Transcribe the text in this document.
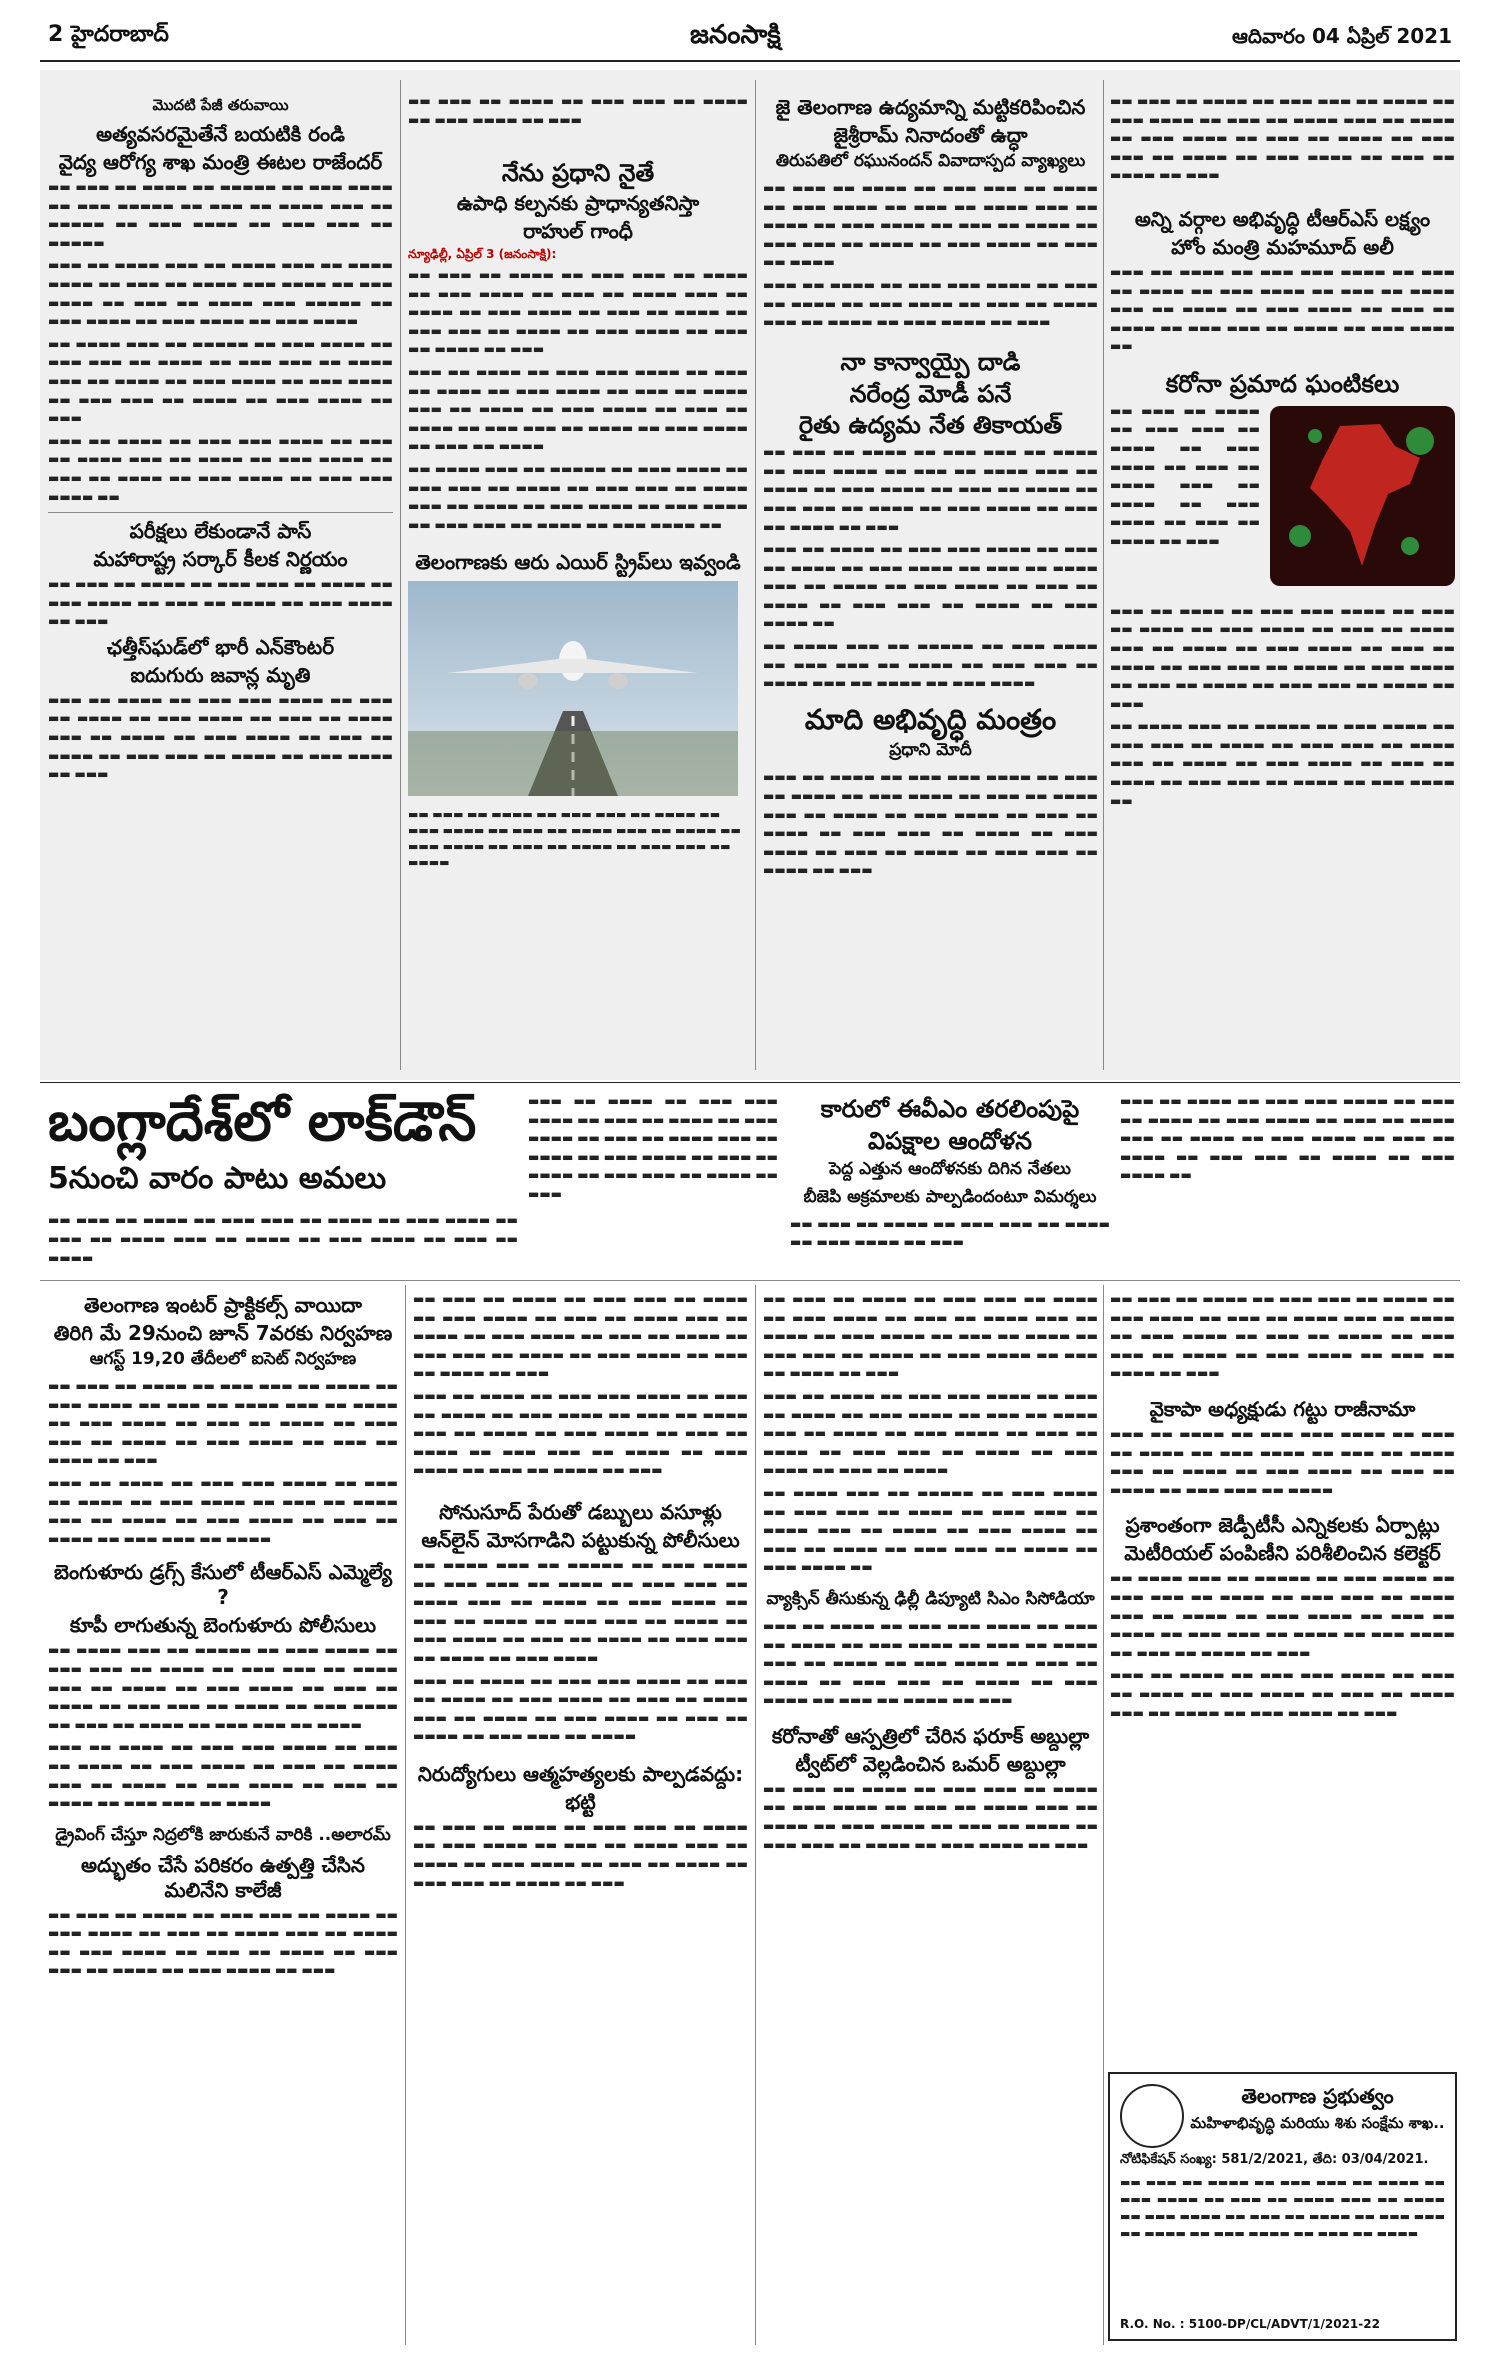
2 హైదరాబాద్	జనంసాక్షి	ఆదివారం 04 ఏప్రిల్ 2021
మొదటి పేజీ తరువాయి
అత్యవసరమైతేనే బయటికి రండి
వైద్య ఆరోగ్య శాఖ మంత్రి ఈటల రాజేందర్

▬▬ ▬▬▬ ▬▬ ▬▬▬▬ ▬▬ ▬▬▬▬▬ ▬▬ ▬▬▬ ▬▬▬▬ ▬▬ ▬▬▬ ▬▬▬▬▬ ▬▬ ▬▬▬ ▬▬ ▬▬▬▬ ▬▬▬ ▬▬ ▬▬▬▬▬ ▬▬ ▬▬▬ ▬▬▬▬ ▬▬ ▬▬▬ ▬▬▬ ▬▬ ▬▬▬▬▬

▬▬▬ ▬▬ ▬▬▬▬ ▬▬▬ ▬▬ ▬▬▬▬ ▬▬▬ ▬▬ ▬▬▬▬ ▬▬▬▬ ▬▬ ▬▬▬ ▬▬ ▬▬▬▬ ▬▬▬ ▬▬▬▬ ▬▬ ▬▬▬ ▬▬▬▬ ▬▬ ▬▬▬ ▬▬ ▬▬▬▬ ▬▬▬ ▬▬▬▬▬ ▬▬ ▬▬▬ ▬▬▬▬ ▬▬ ▬▬▬ ▬▬▬▬ ▬▬ ▬▬▬ ▬▬▬▬

▬▬ ▬▬▬▬ ▬▬▬ ▬▬ ▬▬▬▬▬ ▬▬ ▬▬▬ ▬▬▬▬ ▬▬ ▬▬▬ ▬▬▬ ▬▬ ▬▬▬▬ ▬▬ ▬▬▬ ▬▬▬ ▬▬ ▬▬▬▬ ▬▬▬ ▬▬ ▬▬▬▬ ▬▬ ▬▬▬ ▬▬▬▬ ▬▬ ▬▬▬ ▬▬▬▬ ▬▬ ▬▬▬ ▬▬▬ ▬▬ ▬▬▬▬ ▬▬ ▬▬▬ ▬▬▬▬ ▬▬ ▬▬▬

▬▬▬ ▬▬ ▬▬▬▬ ▬▬ ▬▬▬ ▬▬▬ ▬▬▬▬ ▬▬ ▬▬▬ ▬▬ ▬▬▬▬ ▬▬▬ ▬▬ ▬▬▬▬ ▬▬ ▬▬▬ ▬▬▬▬ ▬▬ ▬▬▬ ▬▬ ▬▬▬▬ ▬▬ ▬▬▬ ▬▬▬▬ ▬▬ ▬▬▬ ▬▬▬ ▬▬▬▬ ▬▬

పరీక్షలు లేకుండానే పాస్
మహారాష్ట్ర సర్కార్ కీలక నిర్ణయం

▬▬ ▬▬▬ ▬▬ ▬▬▬▬ ▬▬ ▬▬▬ ▬▬▬ ▬▬ ▬▬▬▬ ▬▬ ▬▬▬ ▬▬▬▬ ▬▬ ▬▬▬ ▬▬ ▬▬▬▬ ▬▬ ▬▬▬ ▬▬▬▬ ▬▬ ▬▬▬

ఛత్తీస్‌ఘడ్‌లో భారీ ఎన్‌కౌంటర్
ఐదుగురు జవాన్ల మృతి

▬▬▬ ▬▬ ▬▬▬▬ ▬▬ ▬▬▬ ▬▬▬ ▬▬▬▬ ▬▬ ▬▬▬ ▬▬ ▬▬▬▬ ▬▬ ▬▬▬ ▬▬▬▬ ▬▬ ▬▬▬ ▬▬ ▬▬▬▬ ▬▬▬ ▬▬ ▬▬▬▬ ▬▬ ▬▬▬ ▬▬▬▬ ▬▬ ▬▬▬ ▬▬ ▬▬▬▬ ▬▬ ▬▬▬ ▬▬▬ ▬▬ ▬▬▬▬ ▬▬ ▬▬▬ ▬▬▬▬ ▬▬ ▬▬▬

▬▬ ▬▬▬ ▬▬ ▬▬▬▬ ▬▬ ▬▬▬ ▬▬▬ ▬▬ ▬▬▬▬ ▬▬ ▬▬▬ ▬▬▬▬ ▬▬ ▬▬▬

నేను ప్రధాని నైతే
ఉపాధి కల్పనకు ప్రాధాన్యతనిస్తా
రాహుల్ గాంధీ
న్యూఢిల్లీ, ఏప్రిల్ 3 (జనంసాక్షి):

▬▬ ▬▬▬ ▬▬ ▬▬▬▬ ▬▬ ▬▬▬ ▬▬▬ ▬▬ ▬▬▬▬ ▬▬ ▬▬▬ ▬▬▬▬ ▬▬ ▬▬▬ ▬▬ ▬▬▬▬ ▬▬▬ ▬▬ ▬▬▬▬ ▬▬ ▬▬▬ ▬▬▬▬ ▬▬ ▬▬▬ ▬▬ ▬▬▬▬ ▬▬ ▬▬▬ ▬▬▬ ▬▬ ▬▬▬▬ ▬▬ ▬▬▬ ▬▬▬▬ ▬▬ ▬▬▬ ▬▬ ▬▬▬▬ ▬▬ ▬▬▬

▬▬▬ ▬▬ ▬▬▬▬ ▬▬ ▬▬▬ ▬▬▬ ▬▬▬▬ ▬▬ ▬▬▬ ▬▬ ▬▬▬▬ ▬▬ ▬▬▬ ▬▬▬▬ ▬▬ ▬▬▬ ▬▬ ▬▬▬▬ ▬▬▬ ▬▬ ▬▬▬▬ ▬▬ ▬▬▬ ▬▬▬▬ ▬▬ ▬▬▬ ▬▬ ▬▬▬▬ ▬▬ ▬▬▬ ▬▬▬ ▬▬ ▬▬▬▬ ▬▬ ▬▬▬ ▬▬▬▬ ▬▬ ▬▬▬ ▬▬ ▬▬▬▬

▬▬ ▬▬▬▬ ▬▬▬ ▬▬ ▬▬▬▬▬ ▬▬ ▬▬▬ ▬▬▬▬ ▬▬ ▬▬▬ ▬▬▬ ▬▬ ▬▬▬▬ ▬▬ ▬▬▬ ▬▬▬ ▬▬ ▬▬▬▬ ▬▬▬ ▬▬ ▬▬▬▬ ▬▬ ▬▬▬ ▬▬▬▬ ▬▬ ▬▬▬ ▬▬▬▬ ▬▬ ▬▬▬ ▬▬▬ ▬▬ ▬▬▬▬ ▬▬ ▬▬▬ ▬▬▬▬ ▬▬

తెలంగాణకు ఆరు ఎయిర్ స్ట్రిప్‌లు ఇవ్వండి

▬▬ ▬▬▬ ▬▬ ▬▬▬▬ ▬▬ ▬▬▬ ▬▬▬ ▬▬ ▬▬▬▬ ▬▬ ▬▬▬ ▬▬▬▬ ▬▬ ▬▬▬ ▬▬ ▬▬▬▬ ▬▬▬ ▬▬ ▬▬▬▬ ▬▬ ▬▬▬ ▬▬▬▬ ▬▬ ▬▬▬ ▬▬ ▬▬▬▬ ▬▬ ▬▬▬ ▬▬▬ ▬▬ ▬▬▬▬

జై తెలంగాణ ఉద్యమాన్ని మట్టికరిపించిన
జైశ్రీరామ్ నినాదంతో ఉద్ధా
తిరుపతిలో రఘునందన్ వివాదాస్పద వ్యాఖ్యలు

▬▬ ▬▬▬ ▬▬ ▬▬▬▬ ▬▬ ▬▬▬ ▬▬▬ ▬▬ ▬▬▬▬ ▬▬ ▬▬▬ ▬▬▬▬ ▬▬ ▬▬▬ ▬▬ ▬▬▬▬ ▬▬▬ ▬▬ ▬▬▬▬ ▬▬ ▬▬▬ ▬▬▬▬ ▬▬ ▬▬▬ ▬▬ ▬▬▬▬ ▬▬ ▬▬▬ ▬▬▬ ▬▬ ▬▬▬▬ ▬▬ ▬▬▬ ▬▬▬▬ ▬▬ ▬▬▬ ▬▬ ▬▬▬▬

▬▬▬ ▬▬ ▬▬▬▬ ▬▬ ▬▬▬ ▬▬▬ ▬▬▬▬ ▬▬ ▬▬▬ ▬▬ ▬▬▬▬ ▬▬ ▬▬▬ ▬▬▬▬ ▬▬ ▬▬▬ ▬▬ ▬▬▬▬ ▬▬▬ ▬▬ ▬▬▬▬ ▬▬ ▬▬▬ ▬▬▬▬ ▬▬ ▬▬▬

నా కాన్వాయ్పై దాడి
నరేంద్ర మోడీ పనే
రైతు ఉద్యమ నేత తికాయత్

▬▬ ▬▬▬ ▬▬ ▬▬▬▬ ▬▬ ▬▬▬ ▬▬▬ ▬▬ ▬▬▬▬ ▬▬ ▬▬▬ ▬▬▬▬ ▬▬ ▬▬▬ ▬▬ ▬▬▬▬ ▬▬▬ ▬▬ ▬▬▬▬ ▬▬ ▬▬▬ ▬▬▬▬ ▬▬ ▬▬▬ ▬▬ ▬▬▬▬ ▬▬ ▬▬▬ ▬▬▬ ▬▬ ▬▬▬▬ ▬▬ ▬▬▬ ▬▬▬▬ ▬▬ ▬▬▬ ▬▬ ▬▬▬▬ ▬▬ ▬▬▬

▬▬▬ ▬▬ ▬▬▬▬ ▬▬ ▬▬▬ ▬▬▬ ▬▬▬▬ ▬▬ ▬▬▬ ▬▬ ▬▬▬▬ ▬▬ ▬▬▬ ▬▬▬▬ ▬▬ ▬▬▬ ▬▬ ▬▬▬▬ ▬▬▬ ▬▬ ▬▬▬▬ ▬▬ ▬▬▬ ▬▬▬▬ ▬▬ ▬▬▬ ▬▬ ▬▬▬▬ ▬▬ ▬▬▬ ▬▬▬ ▬▬ ▬▬▬▬ ▬▬ ▬▬▬ ▬▬▬▬ ▬▬

▬▬ ▬▬▬▬ ▬▬▬ ▬▬ ▬▬▬▬▬ ▬▬ ▬▬▬ ▬▬▬▬ ▬▬ ▬▬▬ ▬▬▬ ▬▬ ▬▬▬▬ ▬▬ ▬▬▬ ▬▬▬ ▬▬ ▬▬▬▬ ▬▬▬ ▬▬ ▬▬▬▬ ▬▬ ▬▬▬ ▬▬▬▬

మాది అభివృద్ధి మంత్రం
ప్రధాని మోదీ

▬▬▬ ▬▬ ▬▬▬▬ ▬▬ ▬▬▬ ▬▬▬ ▬▬▬▬ ▬▬ ▬▬▬ ▬▬ ▬▬▬▬ ▬▬ ▬▬▬ ▬▬▬▬ ▬▬ ▬▬▬ ▬▬ ▬▬▬▬ ▬▬▬ ▬▬ ▬▬▬▬ ▬▬ ▬▬▬ ▬▬▬▬ ▬▬ ▬▬▬ ▬▬ ▬▬▬▬ ▬▬ ▬▬▬ ▬▬▬ ▬▬ ▬▬▬▬ ▬▬ ▬▬▬ ▬▬▬▬ ▬▬ ▬▬▬ ▬▬ ▬▬▬▬ ▬▬ ▬▬▬ ▬▬▬ ▬▬ ▬▬▬▬ ▬▬ ▬▬▬

▬▬ ▬▬▬ ▬▬ ▬▬▬▬ ▬▬ ▬▬▬ ▬▬▬ ▬▬ ▬▬▬▬ ▬▬ ▬▬▬ ▬▬▬▬ ▬▬ ▬▬▬ ▬▬ ▬▬▬▬ ▬▬▬ ▬▬ ▬▬▬▬ ▬▬ ▬▬▬ ▬▬▬▬ ▬▬ ▬▬▬ ▬▬ ▬▬▬▬ ▬▬ ▬▬▬ ▬▬▬ ▬▬ ▬▬▬▬ ▬▬ ▬▬▬ ▬▬▬▬ ▬▬ ▬▬▬ ▬▬ ▬▬▬▬ ▬▬ ▬▬▬

అన్ని వర్గాల అభివృద్ధి టీఆర్‌ఎస్ లక్ష్యం
హోం మంత్రి మహమూద్ అలీ

▬▬▬ ▬▬ ▬▬▬▬ ▬▬ ▬▬▬ ▬▬▬ ▬▬▬▬ ▬▬ ▬▬▬ ▬▬ ▬▬▬▬ ▬▬ ▬▬▬ ▬▬▬▬ ▬▬ ▬▬▬ ▬▬ ▬▬▬▬ ▬▬▬ ▬▬ ▬▬▬▬ ▬▬ ▬▬▬ ▬▬▬▬ ▬▬ ▬▬▬ ▬▬ ▬▬▬▬ ▬▬ ▬▬▬ ▬▬▬ ▬▬ ▬▬▬▬ ▬▬ ▬▬▬ ▬▬▬▬ ▬▬

కరోనా ప్రమాద ఘంటికలు

▬▬ ▬▬▬ ▬▬ ▬▬▬▬ ▬▬ ▬▬▬ ▬▬▬ ▬▬ ▬▬▬▬ ▬▬ ▬▬▬ ▬▬▬▬ ▬▬ ▬▬▬ ▬▬ ▬▬▬▬ ▬▬▬ ▬▬ ▬▬▬▬ ▬▬ ▬▬▬ ▬▬▬▬ ▬▬ ▬▬▬ ▬▬ ▬▬▬▬ ▬▬ ▬▬▬

▬▬▬ ▬▬ ▬▬▬▬ ▬▬ ▬▬▬ ▬▬▬ ▬▬▬▬ ▬▬ ▬▬▬ ▬▬ ▬▬▬▬ ▬▬ ▬▬▬ ▬▬▬▬ ▬▬ ▬▬▬ ▬▬ ▬▬▬▬ ▬▬▬ ▬▬ ▬▬▬▬ ▬▬ ▬▬▬ ▬▬▬▬ ▬▬ ▬▬▬ ▬▬ ▬▬▬▬ ▬▬ ▬▬▬ ▬▬▬ ▬▬ ▬▬▬▬ ▬▬ ▬▬▬ ▬▬▬▬ ▬▬ ▬▬▬ ▬▬ ▬▬▬▬ ▬▬ ▬▬▬ ▬▬▬ ▬▬ ▬▬▬▬ ▬▬ ▬▬▬

▬▬ ▬▬▬▬ ▬▬▬ ▬▬ ▬▬▬▬▬ ▬▬ ▬▬▬ ▬▬▬▬ ▬▬ ▬▬▬ ▬▬▬ ▬▬ ▬▬▬▬ ▬▬ ▬▬▬ ▬▬▬ ▬▬ ▬▬▬▬ ▬▬▬ ▬▬ ▬▬▬▬ ▬▬ ▬▬▬ ▬▬▬▬ ▬▬ ▬▬▬ ▬▬ ▬▬▬▬ ▬▬ ▬▬▬ ▬▬▬ ▬▬ ▬▬▬▬ ▬▬ ▬▬▬ ▬▬▬▬ ▬▬

బంగ్లాదేశ్‌లో లాక్‌డౌన్
5నుంచి వారం పాటు అమలు

▬▬ ▬▬▬ ▬▬ ▬▬▬▬ ▬▬ ▬▬▬ ▬▬▬ ▬▬ ▬▬▬▬ ▬▬ ▬▬▬ ▬▬▬▬ ▬▬ ▬▬▬ ▬▬ ▬▬▬▬ ▬▬▬ ▬▬ ▬▬▬▬ ▬▬ ▬▬▬ ▬▬▬▬ ▬▬ ▬▬▬ ▬▬ ▬▬▬▬

▬▬▬ ▬▬ ▬▬▬▬ ▬▬ ▬▬▬ ▬▬▬ ▬▬▬▬ ▬▬ ▬▬▬ ▬▬ ▬▬▬▬ ▬▬ ▬▬▬ ▬▬▬▬ ▬▬ ▬▬▬ ▬▬ ▬▬▬▬ ▬▬▬ ▬▬ ▬▬▬▬ ▬▬ ▬▬▬ ▬▬▬▬ ▬▬ ▬▬▬ ▬▬ ▬▬▬▬ ▬▬ ▬▬▬ ▬▬▬ ▬▬ ▬▬▬▬ ▬▬ ▬▬▬

కారులో ఈవీఎం తరలింపుపై
విపక్షాల ఆందోళన
పెద్ద ఎత్తున ఆందోళనకు దిగిన నేతలు
బీజెపి అక్రమాలకు పాల్పడిందంటూ విమర్శలు

▬▬ ▬▬▬ ▬▬ ▬▬▬▬ ▬▬ ▬▬▬ ▬▬▬ ▬▬ ▬▬▬▬ ▬▬ ▬▬▬ ▬▬▬▬ ▬▬ ▬▬▬

▬▬▬ ▬▬ ▬▬▬▬ ▬▬ ▬▬▬ ▬▬▬ ▬▬▬▬ ▬▬ ▬▬▬ ▬▬ ▬▬▬▬ ▬▬ ▬▬▬ ▬▬▬▬ ▬▬ ▬▬▬ ▬▬ ▬▬▬▬ ▬▬▬ ▬▬ ▬▬▬▬ ▬▬ ▬▬▬ ▬▬▬▬ ▬▬ ▬▬▬ ▬▬ ▬▬▬▬ ▬▬ ▬▬▬ ▬▬▬ ▬▬ ▬▬▬▬ ▬▬ ▬▬▬ ▬▬▬▬ ▬▬

తెలంగాణ ఇంటర్ ప్రాక్టికల్స్ వాయిదా
తిరిగి మే 29నుంచి జూన్ 7వరకు నిర్వహణ
ఆగస్ట్ 19,20 తేదీలలో ఐసెట్ నిర్వహణ

▬▬ ▬▬▬ ▬▬ ▬▬▬▬ ▬▬ ▬▬▬ ▬▬▬ ▬▬ ▬▬▬▬ ▬▬ ▬▬▬ ▬▬▬▬ ▬▬ ▬▬▬ ▬▬ ▬▬▬▬ ▬▬▬ ▬▬ ▬▬▬▬ ▬▬ ▬▬▬ ▬▬▬▬ ▬▬ ▬▬▬ ▬▬ ▬▬▬▬ ▬▬ ▬▬▬ ▬▬▬ ▬▬ ▬▬▬▬ ▬▬ ▬▬▬ ▬▬▬▬ ▬▬ ▬▬▬ ▬▬ ▬▬▬▬ ▬▬ ▬▬▬

▬▬▬ ▬▬ ▬▬▬▬ ▬▬ ▬▬▬ ▬▬▬ ▬▬▬▬ ▬▬ ▬▬▬ ▬▬ ▬▬▬▬ ▬▬ ▬▬▬ ▬▬▬▬ ▬▬ ▬▬▬ ▬▬ ▬▬▬▬ ▬▬▬ ▬▬ ▬▬▬▬ ▬▬ ▬▬▬ ▬▬▬▬ ▬▬ ▬▬▬ ▬▬ ▬▬▬▬ ▬▬ ▬▬▬ ▬▬▬ ▬▬ ▬▬▬▬

బెంగుళూరు డ్రగ్స్ కేసులో టీఆర్‌ఎస్ ఎమ్మెల్యే ?
కూపీ లాగుతున్న బెంగుళూరు పోలీసులు

▬▬ ▬▬▬▬ ▬▬▬ ▬▬ ▬▬▬▬▬ ▬▬ ▬▬▬ ▬▬▬▬ ▬▬ ▬▬▬ ▬▬▬ ▬▬ ▬▬▬▬ ▬▬ ▬▬▬ ▬▬▬ ▬▬ ▬▬▬▬ ▬▬▬ ▬▬ ▬▬▬▬ ▬▬ ▬▬▬ ▬▬▬▬ ▬▬ ▬▬▬ ▬▬ ▬▬▬▬ ▬▬ ▬▬▬ ▬▬▬ ▬▬ ▬▬▬▬ ▬▬ ▬▬▬ ▬▬▬▬ ▬▬ ▬▬▬ ▬▬ ▬▬▬▬ ▬▬ ▬▬▬ ▬▬▬ ▬▬ ▬▬▬▬

▬▬▬ ▬▬ ▬▬▬▬ ▬▬ ▬▬▬ ▬▬▬ ▬▬▬▬ ▬▬ ▬▬▬ ▬▬ ▬▬▬▬ ▬▬ ▬▬▬ ▬▬▬▬ ▬▬ ▬▬▬ ▬▬ ▬▬▬▬ ▬▬▬ ▬▬ ▬▬▬▬ ▬▬ ▬▬▬ ▬▬▬▬ ▬▬ ▬▬▬ ▬▬ ▬▬▬▬ ▬▬ ▬▬▬ ▬▬▬ ▬▬ ▬▬▬▬

డ్రైవింగ్ చేస్తూ నిద్రలోకి జారుకునే వారికి ..అలారమ్
అద్భుతం చేసే పరికరం ఉత్పత్తి చేసిన మలినేని కాలేజీ

▬▬ ▬▬▬ ▬▬ ▬▬▬▬ ▬▬ ▬▬▬ ▬▬▬ ▬▬ ▬▬▬▬ ▬▬ ▬▬▬ ▬▬▬▬ ▬▬ ▬▬▬ ▬▬ ▬▬▬▬ ▬▬▬ ▬▬ ▬▬▬▬ ▬▬ ▬▬▬ ▬▬▬▬ ▬▬ ▬▬▬ ▬▬ ▬▬▬▬ ▬▬ ▬▬▬ ▬▬▬ ▬▬ ▬▬▬▬ ▬▬ ▬▬▬ ▬▬▬▬ ▬▬ ▬▬▬

▬▬ ▬▬▬ ▬▬ ▬▬▬▬ ▬▬ ▬▬▬ ▬▬▬ ▬▬ ▬▬▬▬ ▬▬ ▬▬▬ ▬▬▬▬ ▬▬ ▬▬▬ ▬▬ ▬▬▬▬ ▬▬▬ ▬▬ ▬▬▬▬ ▬▬ ▬▬▬ ▬▬▬▬ ▬▬ ▬▬▬ ▬▬ ▬▬▬▬ ▬▬ ▬▬▬ ▬▬▬ ▬▬ ▬▬▬▬ ▬▬ ▬▬▬ ▬▬▬▬ ▬▬ ▬▬▬ ▬▬ ▬▬▬▬ ▬▬ ▬▬▬

▬▬▬ ▬▬ ▬▬▬▬ ▬▬ ▬▬▬ ▬▬▬ ▬▬▬▬ ▬▬ ▬▬▬ ▬▬ ▬▬▬▬ ▬▬ ▬▬▬ ▬▬▬▬ ▬▬ ▬▬▬ ▬▬ ▬▬▬▬ ▬▬▬ ▬▬ ▬▬▬▬ ▬▬ ▬▬▬ ▬▬▬▬ ▬▬ ▬▬▬ ▬▬ ▬▬▬▬ ▬▬ ▬▬▬ ▬▬▬ ▬▬ ▬▬▬▬ ▬▬ ▬▬▬ ▬▬▬▬ ▬▬ ▬▬▬ ▬▬ ▬▬▬▬ ▬▬ ▬▬▬

సోనుసూద్ పేరుతో డబ్బులు వసూళ్లు
ఆన్‌లైన్ మోసగాడిని పట్టుకున్న పోలీసులు

▬▬ ▬▬▬▬ ▬▬▬ ▬▬ ▬▬▬▬▬ ▬▬ ▬▬▬ ▬▬▬▬ ▬▬ ▬▬▬ ▬▬▬ ▬▬ ▬▬▬▬ ▬▬ ▬▬▬ ▬▬▬ ▬▬ ▬▬▬▬ ▬▬▬ ▬▬ ▬▬▬▬ ▬▬ ▬▬▬ ▬▬▬▬ ▬▬ ▬▬▬ ▬▬ ▬▬▬▬ ▬▬ ▬▬▬ ▬▬▬ ▬▬ ▬▬▬▬ ▬▬ ▬▬▬ ▬▬▬▬ ▬▬ ▬▬▬ ▬▬ ▬▬▬▬ ▬▬ ▬▬▬ ▬▬▬ ▬▬ ▬▬▬▬ ▬▬ ▬▬▬ ▬▬▬▬

▬▬▬ ▬▬ ▬▬▬▬ ▬▬ ▬▬▬ ▬▬▬ ▬▬▬▬ ▬▬ ▬▬▬ ▬▬ ▬▬▬▬ ▬▬ ▬▬▬ ▬▬▬▬ ▬▬ ▬▬▬ ▬▬ ▬▬▬▬ ▬▬▬ ▬▬ ▬▬▬▬ ▬▬ ▬▬▬ ▬▬▬▬ ▬▬ ▬▬▬ ▬▬ ▬▬▬▬ ▬▬ ▬▬▬ ▬▬▬ ▬▬ ▬▬▬▬

నిరుద్యోగులు ఆత్మహత్యలకు పాల్పడవద్దు:
భట్టి

▬▬ ▬▬▬ ▬▬ ▬▬▬▬ ▬▬ ▬▬▬ ▬▬▬ ▬▬ ▬▬▬▬ ▬▬ ▬▬▬ ▬▬▬▬ ▬▬ ▬▬▬ ▬▬ ▬▬▬▬ ▬▬▬ ▬▬ ▬▬▬▬ ▬▬ ▬▬▬ ▬▬▬▬ ▬▬ ▬▬▬ ▬▬ ▬▬▬▬ ▬▬ ▬▬▬ ▬▬▬ ▬▬ ▬▬▬▬ ▬▬ ▬▬▬

▬▬ ▬▬▬ ▬▬ ▬▬▬▬ ▬▬ ▬▬▬ ▬▬▬ ▬▬ ▬▬▬▬ ▬▬ ▬▬▬ ▬▬▬▬ ▬▬ ▬▬▬ ▬▬ ▬▬▬▬ ▬▬▬ ▬▬ ▬▬▬▬ ▬▬ ▬▬▬ ▬▬▬▬ ▬▬ ▬▬▬ ▬▬ ▬▬▬▬ ▬▬ ▬▬▬ ▬▬▬ ▬▬ ▬▬▬▬ ▬▬ ▬▬▬ ▬▬▬▬ ▬▬ ▬▬▬ ▬▬ ▬▬▬▬ ▬▬ ▬▬▬

▬▬▬ ▬▬ ▬▬▬▬ ▬▬ ▬▬▬ ▬▬▬ ▬▬▬▬ ▬▬ ▬▬▬ ▬▬ ▬▬▬▬ ▬▬ ▬▬▬ ▬▬▬▬ ▬▬ ▬▬▬ ▬▬ ▬▬▬▬ ▬▬▬ ▬▬ ▬▬▬▬ ▬▬ ▬▬▬ ▬▬▬▬ ▬▬ ▬▬▬ ▬▬ ▬▬▬▬ ▬▬ ▬▬▬ ▬▬▬ ▬▬ ▬▬▬▬ ▬▬ ▬▬▬ ▬▬▬▬ ▬▬ ▬▬▬ ▬▬ ▬▬▬▬

▬▬ ▬▬▬▬ ▬▬▬ ▬▬ ▬▬▬▬▬ ▬▬ ▬▬▬ ▬▬▬▬ ▬▬ ▬▬▬ ▬▬▬ ▬▬ ▬▬▬▬ ▬▬ ▬▬▬ ▬▬▬ ▬▬ ▬▬▬▬ ▬▬▬ ▬▬ ▬▬▬▬ ▬▬ ▬▬▬ ▬▬▬▬ ▬▬ ▬▬▬ ▬▬ ▬▬▬▬ ▬▬ ▬▬▬ ▬▬▬ ▬▬ ▬▬▬▬ ▬▬ ▬▬▬ ▬▬▬▬ ▬▬

వ్యాక్సిన్ తీసుకున్న ఢిల్లీ డిప్యూటి సిఎం సిసోడియా

▬▬▬ ▬▬ ▬▬▬▬ ▬▬ ▬▬▬ ▬▬▬ ▬▬▬▬ ▬▬ ▬▬▬ ▬▬ ▬▬▬▬ ▬▬ ▬▬▬ ▬▬▬▬ ▬▬ ▬▬▬ ▬▬ ▬▬▬▬ ▬▬▬ ▬▬ ▬▬▬▬ ▬▬ ▬▬▬ ▬▬▬▬ ▬▬ ▬▬▬ ▬▬ ▬▬▬▬ ▬▬ ▬▬▬ ▬▬▬ ▬▬ ▬▬▬▬ ▬▬ ▬▬▬ ▬▬▬▬ ▬▬ ▬▬▬ ▬▬ ▬▬▬▬ ▬▬ ▬▬▬

కరోనాతో ఆస్పత్రిలో చేరిన ఫరూక్ అబ్దుల్లా
ట్వీట్‌లో వెల్లడించిన ఒమర్ అబ్దుల్లా

▬▬ ▬▬▬ ▬▬ ▬▬▬▬ ▬▬ ▬▬▬ ▬▬▬ ▬▬ ▬▬▬▬ ▬▬ ▬▬▬ ▬▬▬▬ ▬▬ ▬▬▬ ▬▬ ▬▬▬▬ ▬▬▬ ▬▬ ▬▬▬▬ ▬▬ ▬▬▬ ▬▬▬▬ ▬▬ ▬▬▬ ▬▬ ▬▬▬▬ ▬▬ ▬▬▬ ▬▬▬ ▬▬ ▬▬▬▬ ▬▬ ▬▬▬ ▬▬▬▬ ▬▬ ▬▬▬

▬▬ ▬▬▬ ▬▬ ▬▬▬▬ ▬▬ ▬▬▬ ▬▬▬ ▬▬ ▬▬▬▬ ▬▬ ▬▬▬ ▬▬▬▬ ▬▬ ▬▬▬ ▬▬ ▬▬▬▬ ▬▬▬ ▬▬ ▬▬▬▬ ▬▬ ▬▬▬ ▬▬▬▬ ▬▬ ▬▬▬ ▬▬ ▬▬▬▬ ▬▬ ▬▬▬ ▬▬▬ ▬▬ ▬▬▬▬ ▬▬ ▬▬▬ ▬▬▬▬ ▬▬ ▬▬▬ ▬▬ ▬▬▬▬ ▬▬ ▬▬▬

వైకాపా అధ్యక్షుడు గట్టు రాజీనామా

▬▬▬ ▬▬ ▬▬▬▬ ▬▬ ▬▬▬ ▬▬▬ ▬▬▬▬ ▬▬ ▬▬▬ ▬▬ ▬▬▬▬ ▬▬ ▬▬▬ ▬▬▬▬ ▬▬ ▬▬▬ ▬▬ ▬▬▬▬ ▬▬▬ ▬▬ ▬▬▬▬ ▬▬ ▬▬▬ ▬▬▬▬ ▬▬ ▬▬▬ ▬▬ ▬▬▬▬ ▬▬ ▬▬▬ ▬▬▬ ▬▬ ▬▬▬▬

ప్రశాంతంగా జెడ్పీటీసీ ఎన్నికలకు ఏర్పాట్లు
మెటీరియల్ పంపిణీని పరిశీలించిన కలెక్టర్

▬▬ ▬▬▬▬ ▬▬▬ ▬▬ ▬▬▬▬▬ ▬▬ ▬▬▬ ▬▬▬▬ ▬▬ ▬▬▬ ▬▬▬ ▬▬ ▬▬▬▬ ▬▬ ▬▬▬ ▬▬▬ ▬▬ ▬▬▬▬ ▬▬▬ ▬▬ ▬▬▬▬ ▬▬ ▬▬▬ ▬▬▬▬ ▬▬ ▬▬▬ ▬▬ ▬▬▬▬ ▬▬ ▬▬▬ ▬▬▬ ▬▬ ▬▬▬▬ ▬▬ ▬▬▬ ▬▬▬▬ ▬▬ ▬▬▬ ▬▬ ▬▬▬▬ ▬▬ ▬▬▬

▬▬▬ ▬▬ ▬▬▬▬ ▬▬ ▬▬▬ ▬▬▬ ▬▬▬▬ ▬▬ ▬▬▬ ▬▬ ▬▬▬▬ ▬▬ ▬▬▬ ▬▬▬▬ ▬▬ ▬▬▬ ▬▬ ▬▬▬▬ ▬▬▬ ▬▬ ▬▬▬▬ ▬▬ ▬▬▬ ▬▬▬▬ ▬▬ ▬▬▬

తెలంగాణ ప్రభుత్వం
మహిళాభివృద్ధి మరియు శిశు సంక్షేమ శాఖ..
నోటిఫికేషన్ సంఖ్య: 581/2/2021, తేది: 03/04/2021.

▬▬ ▬▬▬ ▬▬ ▬▬▬▬ ▬▬ ▬▬▬ ▬▬▬ ▬▬ ▬▬▬▬ ▬▬ ▬▬▬ ▬▬▬▬ ▬▬ ▬▬▬ ▬▬ ▬▬▬▬ ▬▬▬ ▬▬ ▬▬▬▬ ▬▬ ▬▬▬ ▬▬▬▬ ▬▬ ▬▬▬ ▬▬ ▬▬▬▬ ▬▬ ▬▬▬ ▬▬▬ ▬▬ ▬▬▬▬ ▬▬ ▬▬▬ ▬▬▬▬ ▬▬ ▬▬▬ ▬▬ ▬▬▬▬

R.O. No. : 5100-DP/CL/ADVT/1/2021-22
